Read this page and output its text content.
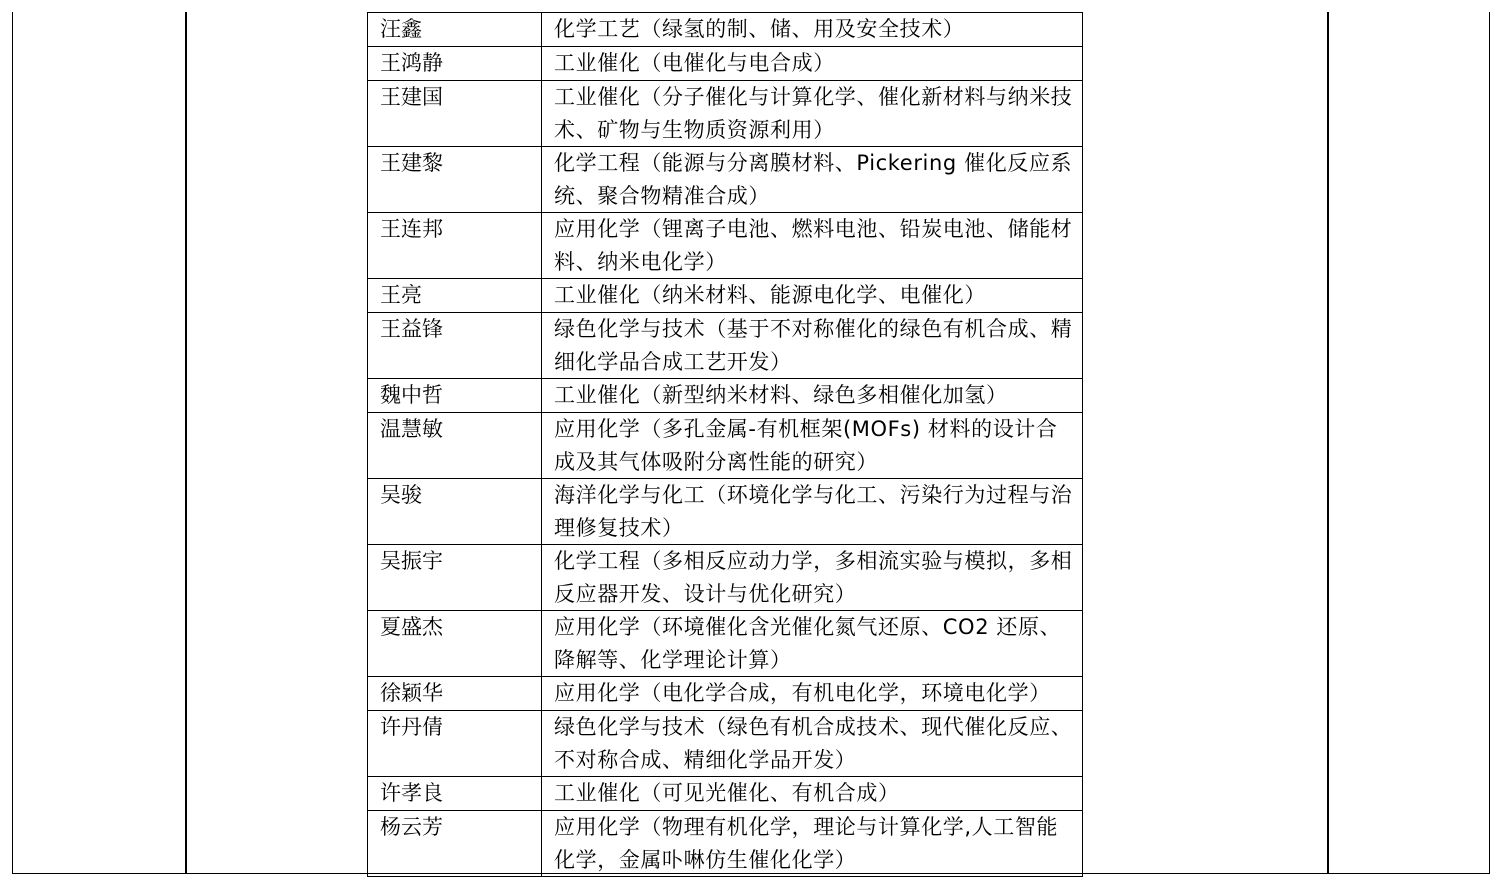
汪鑫	化学工艺（绿氢的制、储、用及安全技术）
王鸿静	工业催化（电催化与电合成）
王建国	工业催化（分子催化与计算化学、催化新材料与纳米技术、矿物与生物质资源利用）
王建黎	化学工程（能源与分离膜材料、Pickering 催化反应系统、聚合物精准合成）
王连邦	应用化学（锂离子电池、燃料电池、铅炭电池、储能材料、纳米电化学）
王亮	工业催化（纳米材料、能源电化学、电催化）
王益锋	绿色化学与技术（基于不对称催化的绿色有机合成、精细化学品合成工艺开发）
魏中哲	工业催化（新型纳米材料、绿色多相催化加氢）
温慧敏	应用化学（多孔金属-有机框架(MOFs) 材料的设计合成及其气体吸附分离性能的研究）
吴骏	海洋化学与化工（环境化学与化工、污染行为过程与治理修复技术）
吴振宇	化学工程（多相反应动力学，多相流实验与模拟，多相反应器开发、设计与优化研究）
夏盛杰	应用化学（环境催化含光催化氮气还原、CO2 还原、降解等、化学理论计算）
徐颖华	应用化学（电化学合成，有机电化学，环境电化学）
许丹倩	绿色化学与技术（绿色有机合成技术、现代催化反应、不对称合成、精细化学品开发）
许孝良	工业催化（可见光催化、有机合成）
杨云芳	应用化学（物理有机化学，理论与计算化学,人工智能化学，金属卟啉仿生催化化学）
